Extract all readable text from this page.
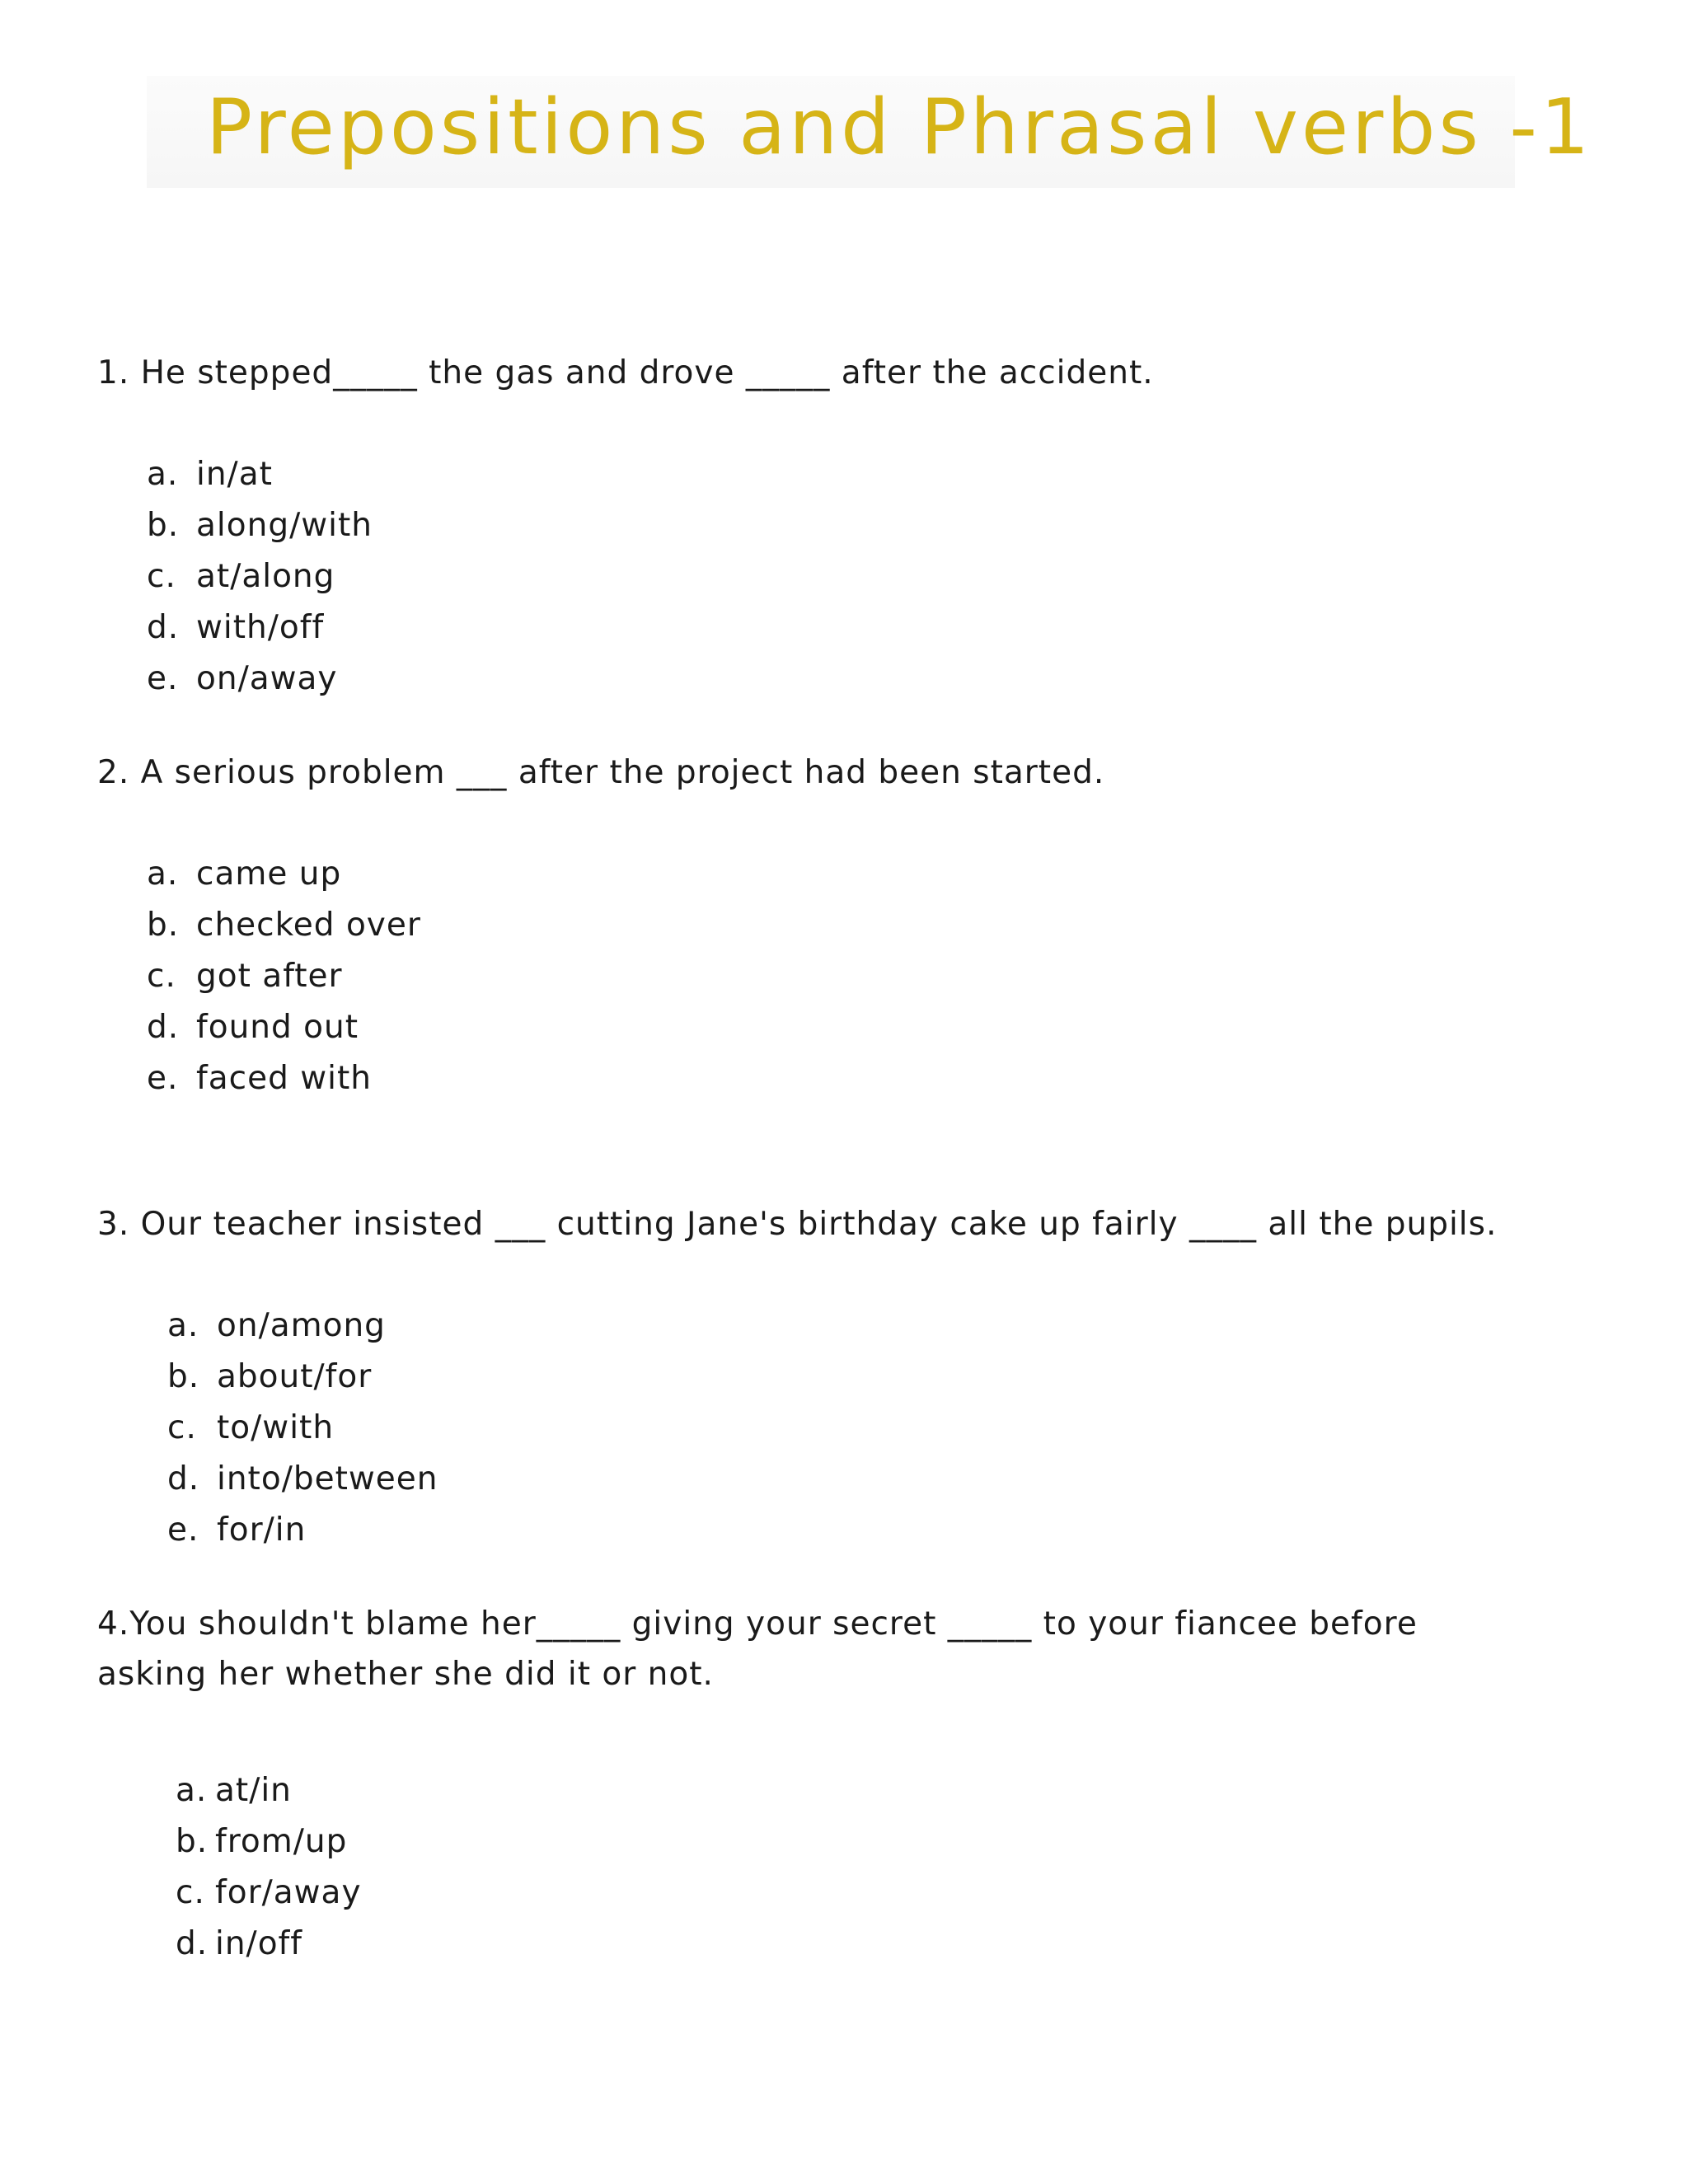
Prepositions and Phrasal verbs -1
1. He stepped_____ the gas and drove _____ after the accident.
a. in/at
b. along/with
c. at/along
d. with/off
e. on/away
2. A serious problem ___ after the project had been started.
a. came up
b. checked over
c. got after
d. found out
e. faced with
3. Our teacher insisted ___ cutting Jane's birthday cake up fairly ____ all the pupils.
a. on/among
b. about/for
c. to/with
d. into/between
e. for/in
4.You shouldn't blame her_____ giving your secret _____ to your fiancee before
asking her whether she did it or not.
a. at/in
b. from/up
c. for/away
d. in/off
